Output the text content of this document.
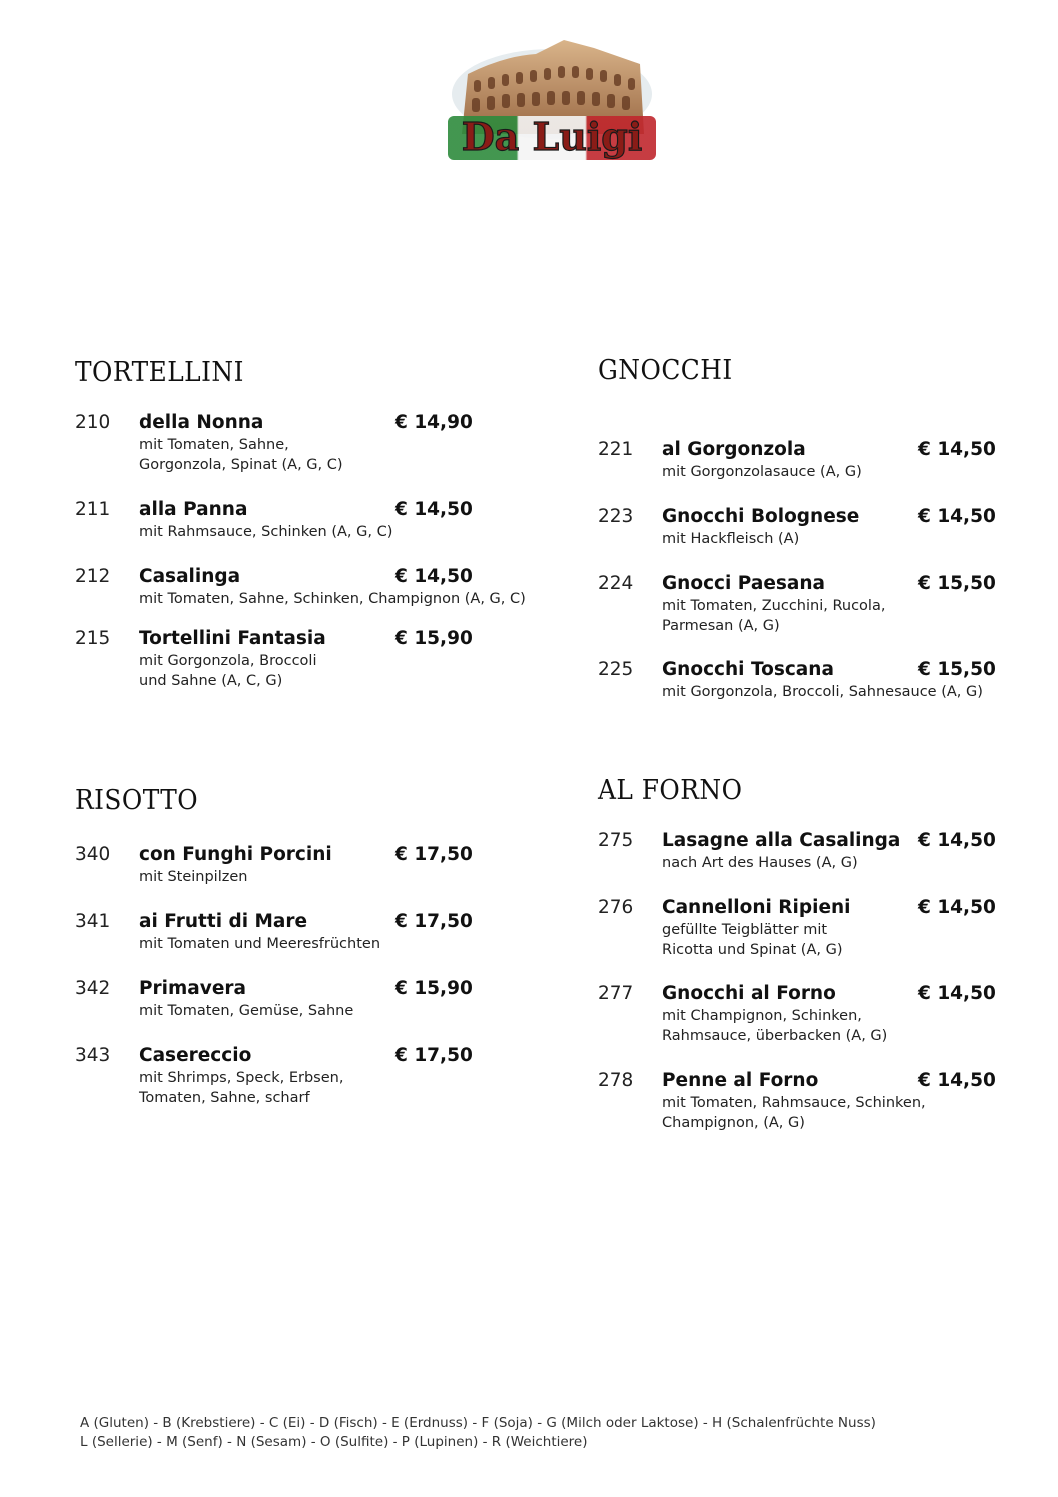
Da Luigi
TORTELLINI
210 della Nonna	€ 14,90
mit Tomaten, Sahne,
Gorgonzola, Spinat (A, G, C)
211 alla Panna	€ 14,50
mit Rahmsauce, Schinken (A, G, C)
212 Casalinga	€ 14,50
mit Tomaten, Sahne, Schinken, Champignon (A, G, C)
215 Tortellini Fantasia	€ 15,90
mit Gorgonzola, Broccoli
und Sahne (A, C, G)
GNOCCHI
221 al Gorgonzola	€ 14,50
mit Gorgonzolasauce (A, G)
223 Gnocchi Bolognese	€ 14,50
mit Hackfleisch (A)
224 Gnocci Paesana	€ 15,50
mit Tomaten, Zucchini, Rucola,
Parmesan (A, G)
225 Gnocchi Toscana	€ 15,50
mit Gorgonzola, Broccoli, Sahnesauce (A, G)
RISOTTO
340 con Funghi Porcini	€ 17,50
mit Steinpilzen
341 ai Frutti di Mare	€ 17,50
mit Tomaten und Meeresfrüchten
342 Primavera	€ 15,90
mit Tomaten, Gemüse, Sahne
343 Casereccio	€ 17,50
mit Shrimps, Speck, Erbsen,
Tomaten, Sahne, scharf
AL FORNO
275 Lasagne alla Casalinga € 14,50
nach Art des Hauses (A, G)
276 Cannelloni Ripieni	€ 14,50
gefüllte Teigblätter mit
Ricotta und Spinat (A, G)
277 Gnocchi al Forno	€ 14,50
mit Champignon, Schinken,
Rahmsauce, überbacken (A, G)
278 Penne al Forno	€ 14,50
mit Tomaten, Rahmsauce, Schinken,
Champignon, (A, G)
A (Gluten) - B (Krebstiere) - C (Ei) - D (Fisch) - E (Erdnuss) - F (Soja) - G (Milch oder Laktose) - H (Schalenfrüchte Nuss)
L (Sellerie) - M (Senf) - N (Sesam) - O (Sulfite) - P (Lupinen) - R (Weichtiere)
